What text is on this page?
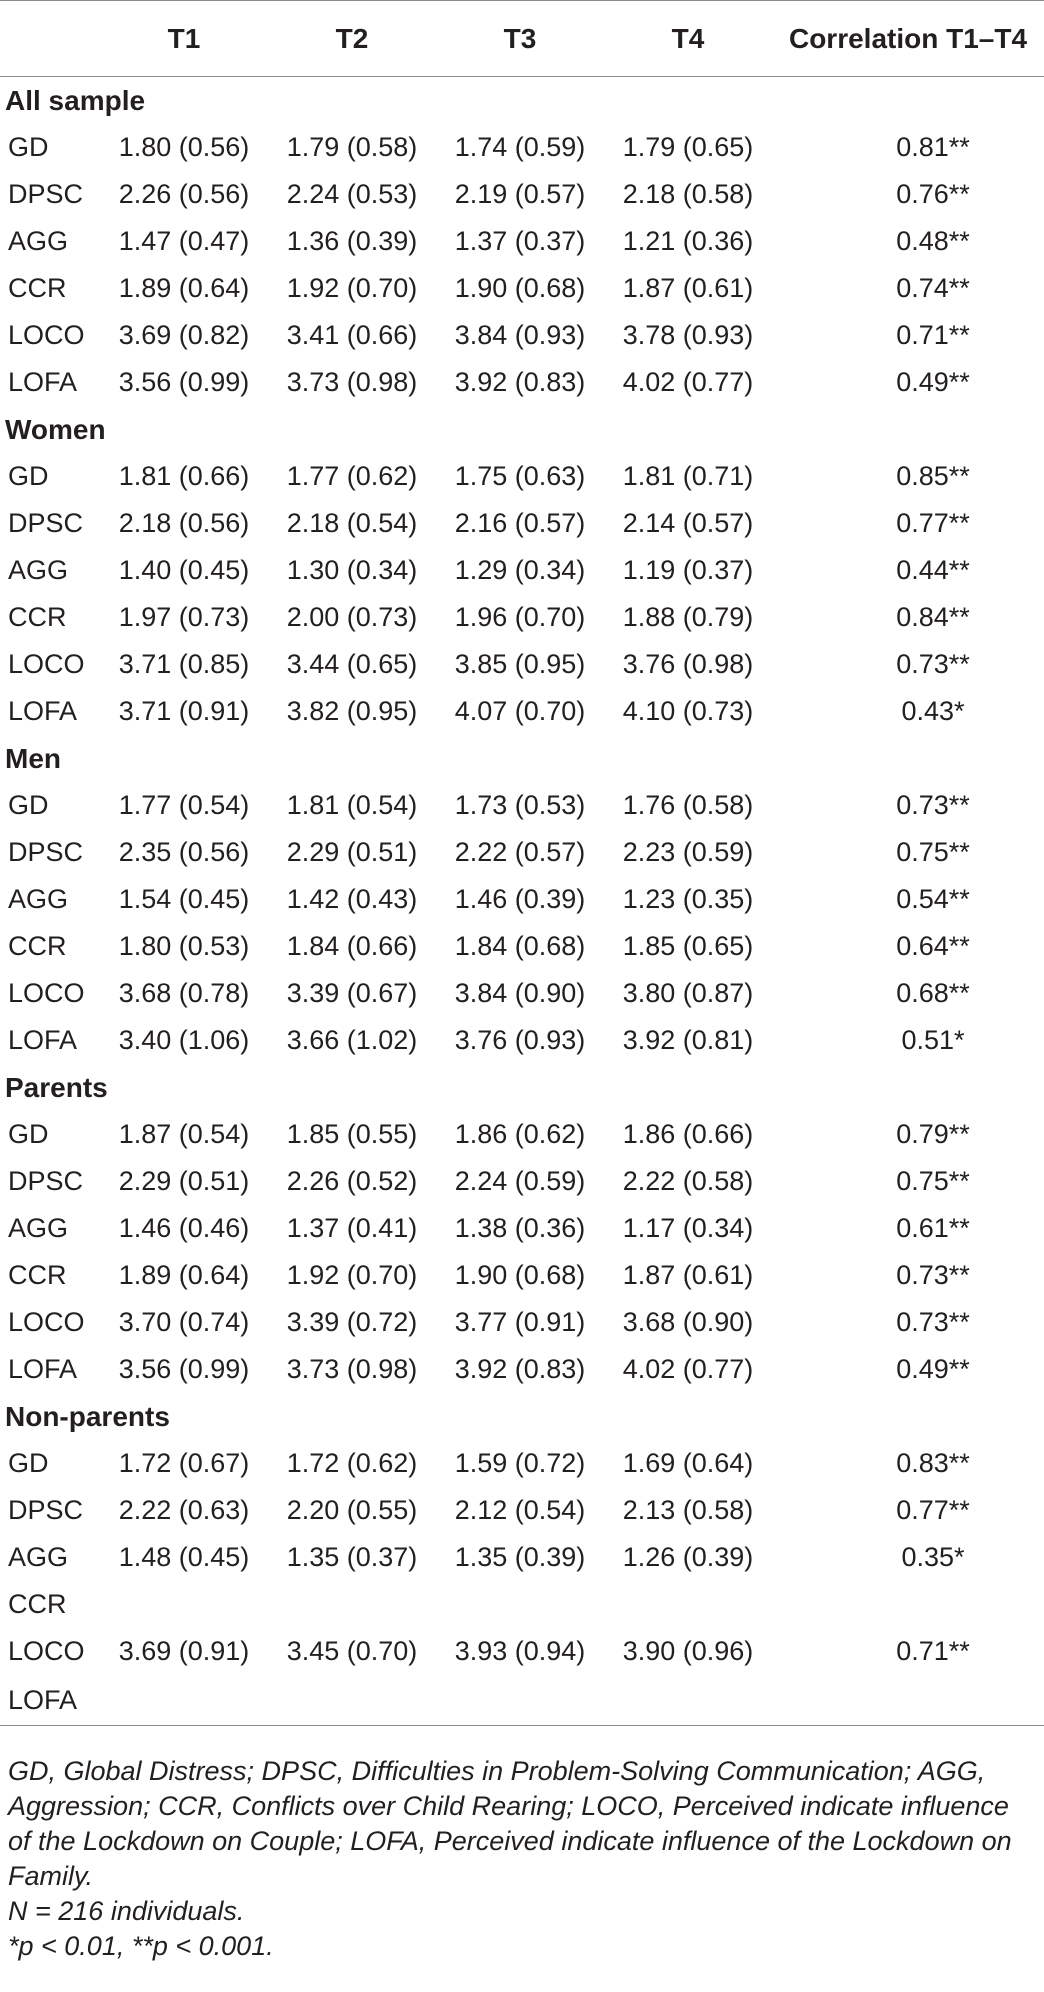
	T1	T2	T3	T4	Correlation T1–T4
All sample					
GD	1.80 (0.56)	1.79 (0.58)	1.74 (0.59)	1.79 (0.65)	0.81**
DPSC	2.26 (0.56)	2.24 (0.53)	2.19 (0.57)	2.18 (0.58)	0.76**
AGG	1.47 (0.47)	1.36 (0.39)	1.37 (0.37)	1.21 (0.36)	0.48**
CCR	1.89 (0.64)	1.92 (0.70)	1.90 (0.68)	1.87 (0.61)	0.74**
LOCO	3.69 (0.82)	3.41 (0.66)	3.84 (0.93)	3.78 (0.93)	0.71**
LOFA	3.56 (0.99)	3.73 (0.98)	3.92 (0.83)	4.02 (0.77)	0.49**
Women					
GD	1.81 (0.66)	1.77 (0.62)	1.75 (0.63)	1.81 (0.71)	0.85**
DPSC	2.18 (0.56)	2.18 (0.54)	2.16 (0.57)	2.14 (0.57)	0.77**
AGG	1.40 (0.45)	1.30 (0.34)	1.29 (0.34)	1.19 (0.37)	0.44**
CCR	1.97 (0.73)	2.00 (0.73)	1.96 (0.70)	1.88 (0.79)	0.84**
LOCO	3.71 (0.85)	3.44 (0.65)	3.85 (0.95)	3.76 (0.98)	0.73**
LOFA	3.71 (0.91)	3.82 (0.95)	4.07 (0.70)	4.10 (0.73)	0.43*
Men					
GD	1.77 (0.54)	1.81 (0.54)	1.73 (0.53)	1.76 (0.58)	0.73**
DPSC	2.35 (0.56)	2.29 (0.51)	2.22 (0.57)	2.23 (0.59)	0.75**
AGG	1.54 (0.45)	1.42 (0.43)	1.46 (0.39)	1.23 (0.35)	0.54**
CCR	1.80 (0.53)	1.84 (0.66)	1.84 (0.68)	1.85 (0.65)	0.64**
LOCO	3.68 (0.78)	3.39 (0.67)	3.84 (0.90)	3.80 (0.87)	0.68**
LOFA	3.40 (1.06)	3.66 (1.02)	3.76 (0.93)	3.92 (0.81)	0.51*
Parents					
GD	1.87 (0.54)	1.85 (0.55)	1.86 (0.62)	1.86 (0.66)	0.79**
DPSC	2.29 (0.51)	2.26 (0.52)	2.24 (0.59)	2.22 (0.58)	0.75**
AGG	1.46 (0.46)	1.37 (0.41)	1.38 (0.36)	1.17 (0.34)	0.61**
CCR	1.89 (0.64)	1.92 (0.70)	1.90 (0.68)	1.87 (0.61)	0.73**
LOCO	3.70 (0.74)	3.39 (0.72)	3.77 (0.91)	3.68 (0.90)	0.73**
LOFA	3.56 (0.99)	3.73 (0.98)	3.92 (0.83)	4.02 (0.77)	0.49**
Non-parents					
GD	1.72 (0.67)	1.72 (0.62)	1.59 (0.72)	1.69 (0.64)	0.83**
DPSC	2.22 (0.63)	2.20 (0.55)	2.12 (0.54)	2.13 (0.58)	0.77**
AGG	1.48 (0.45)	1.35 (0.37)	1.35 (0.39)	1.26 (0.39)	0.35*
CCR					
LOCO	3.69 (0.91)	3.45 (0.70)	3.93 (0.94)	3.90 (0.96)	0.71**
LOFA					

GD, Global Distress; DPSC, Difficulties in Problem-Solving Communication; AGG, Aggression; CCR, Conflicts over Child Rearing; LOCO, Perceived indicate influence of the Lockdown on Couple; LOFA, Perceived indicate influence of the Lockdown on Family.

N = 216 individuals.

*p < 0.01, **p < 0.001.
